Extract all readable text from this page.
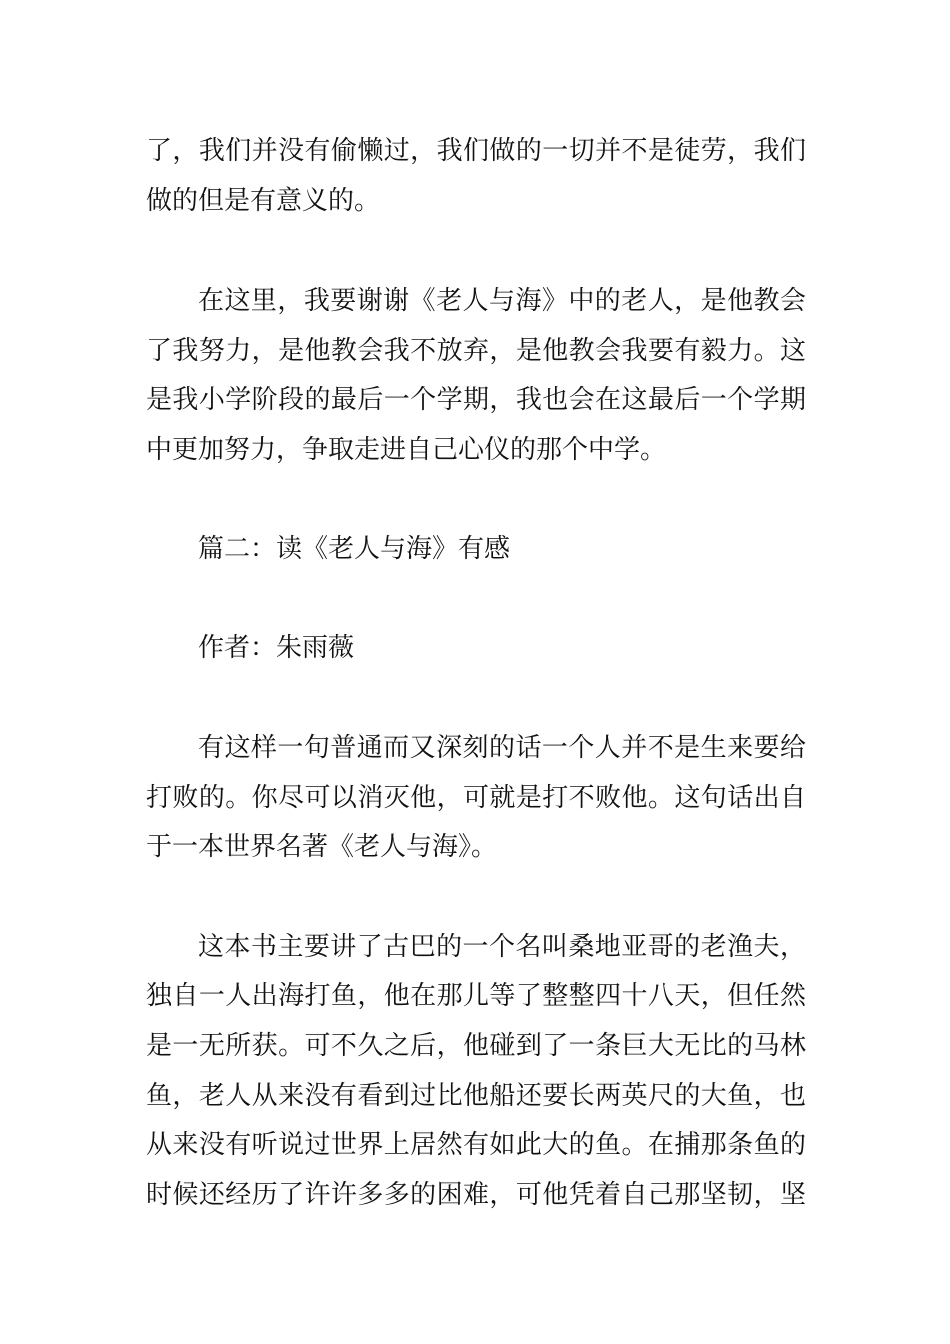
了，我们并没有偷懒过，我们做的一切并不是徒劳，我们

做的但是有意义的。

在这里，我要谢谢《老人与海》中的老人，是他教会

了我努力，是他教会我不放弃，是他教会我要有毅力。这

是我小学阶段的最后一个学期，我也会在这最后一个学期

中更加努力，争取走进自己心仪的那个中学。

篇二：读《老人与海》有感

作者：朱雨薇

有这样一句普通而又深刻的话一个人并不是生来要给

打败的。你尽可以消灭他，可就是打不败他。这句话出自

于一本世界名著《老人与海》。

这本书主要讲了古巴的一个名叫桑地亚哥的老渔夫，

独自一人出海打鱼，他在那儿等了整整四十八天，但任然

是一无所获。可不久之后，他碰到了一条巨大无比的马林

鱼，老人从来没有看到过比他船还要长两英尺的大鱼，也

从来没有听说过世界上居然有如此大的鱼。在捕那条鱼的

时候还经历了许许多多的困难，可他凭着自己那坚韧，坚
